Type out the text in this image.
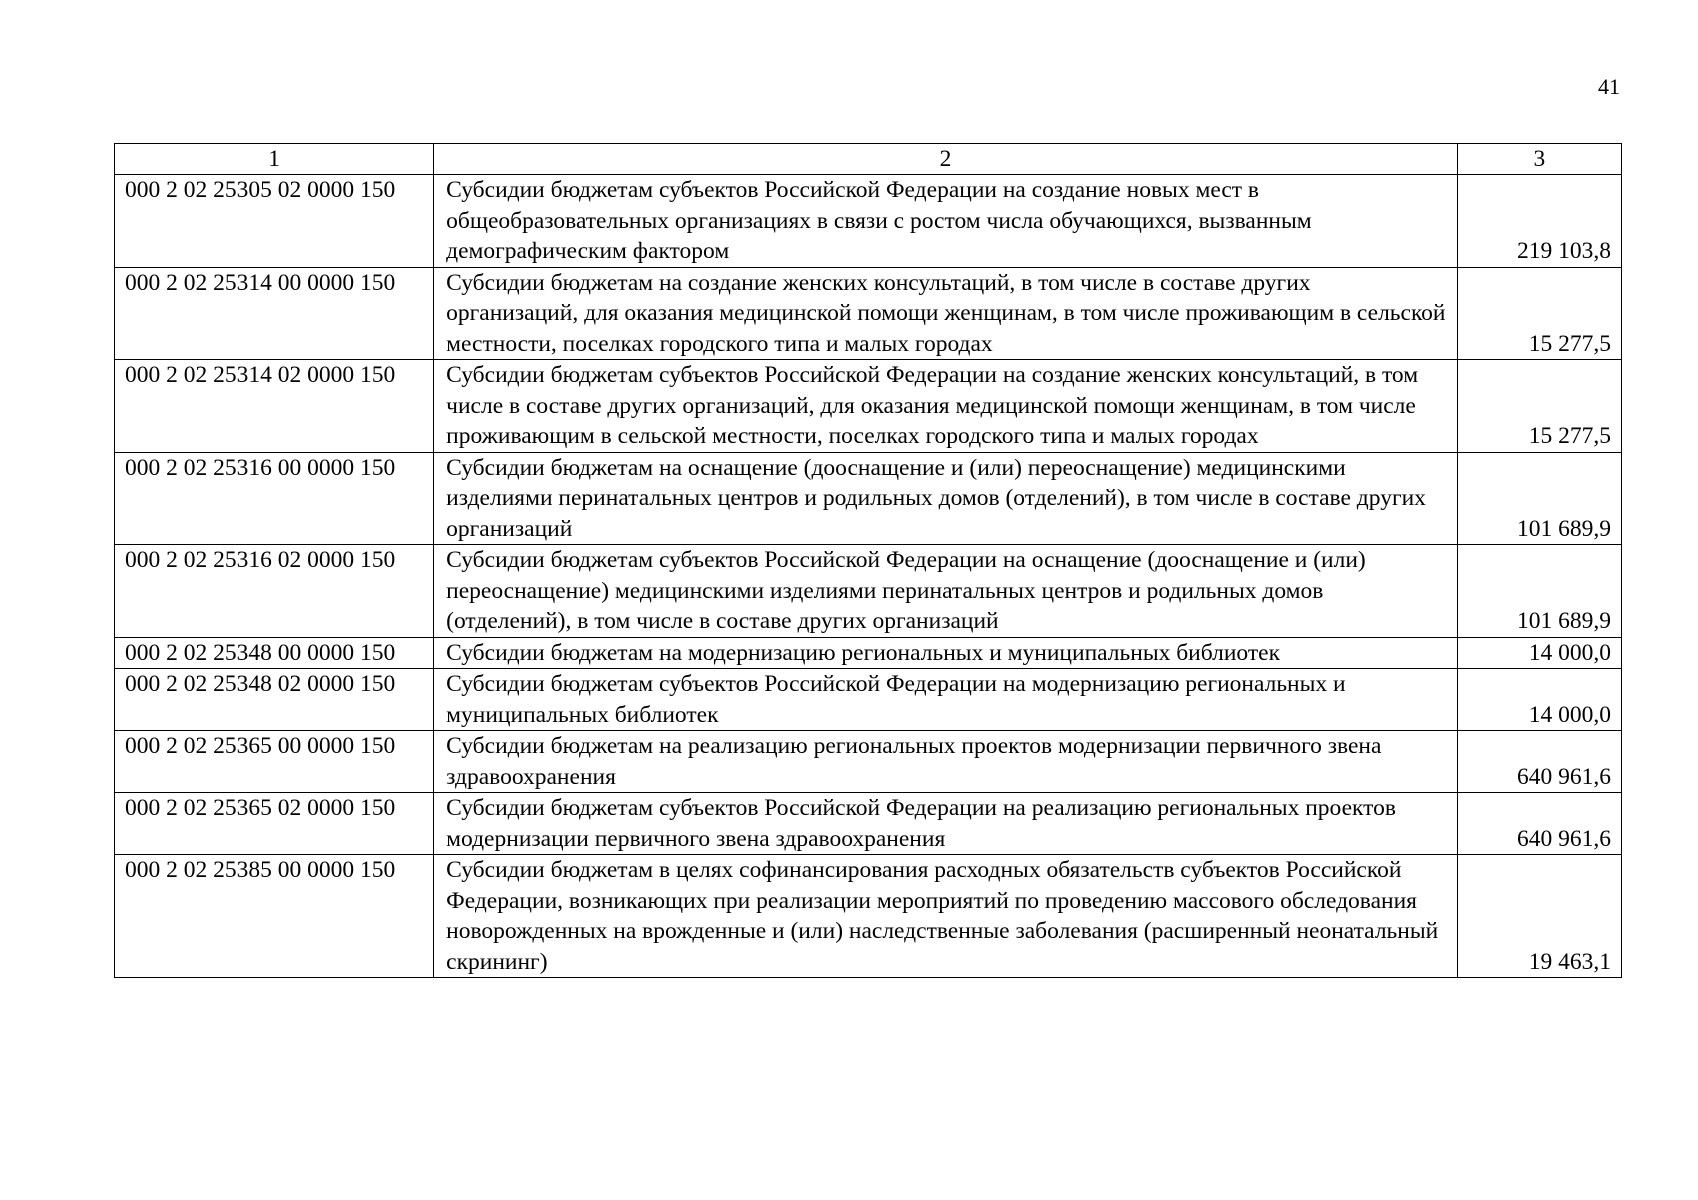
41
1	2	3
000 2 02 25305 02 0000 150	Субсидии бюджетам субъектов Российской Федерации на создание новых мест в общеобразовательных организациях в связи с ростом числа обучающихся, вызванным демографическим фактором	219 103,8
000 2 02 25314 00 0000 150	Субсидии бюджетам на создание женских консультаций, в том числе в составе других организаций, для оказания медицинской помощи женщинам, в том числе проживающим в сельской местности, поселках городского типа и малых городах	15 277,5
000 2 02 25314 02 0000 150	Субсидии бюджетам субъектов Российской Федерации на создание женских консультаций, в том числе в составе других организаций, для оказания медицинской помощи женщинам, в том числе проживающим в сельской местности, поселках городского типа и малых городах	15 277,5
000 2 02 25316 00 0000 150	Субсидии бюджетам на оснащение (дооснащение и (или) переоснащение) медицинскими изделиями перинатальных центров и родильных домов (отделений), в том числе в составе других организаций	101 689,9
000 2 02 25316 02 0000 150	Субсидии бюджетам субъектов Российской Федерации на оснащение (дооснащение и (или) переоснащение) медицинскими изделиями перинатальных центров и родильных домов (отделений), в том числе в составе других организаций	101 689,9
000 2 02 25348 00 0000 150	Субсидии бюджетам на модернизацию региональных и муниципальных библиотек	14 000,0
000 2 02 25348 02 0000 150	Субсидии бюджетам субъектов Российской Федерации на модернизацию региональных и муниципальных библиотек	14 000,0
000 2 02 25365 00 0000 150	Субсидии бюджетам на реализацию региональных проектов модернизации первичного звена здравоохранения	640 961,6
000 2 02 25365 02 0000 150	Субсидии бюджетам субъектов Российской Федерации на реализацию региональных проектов модернизации первичного звена здравоохранения	640 961,6
000 2 02 25385 00 0000 150	Субсидии бюджетам в целях софинансирования расходных обязательств субъектов Российской Федерации, возникающих при реализации мероприятий по проведению массового обследования новорожденных на врожденные и (или) наследственные заболевания (расширенный неонатальный скрининг)	19 463,1
